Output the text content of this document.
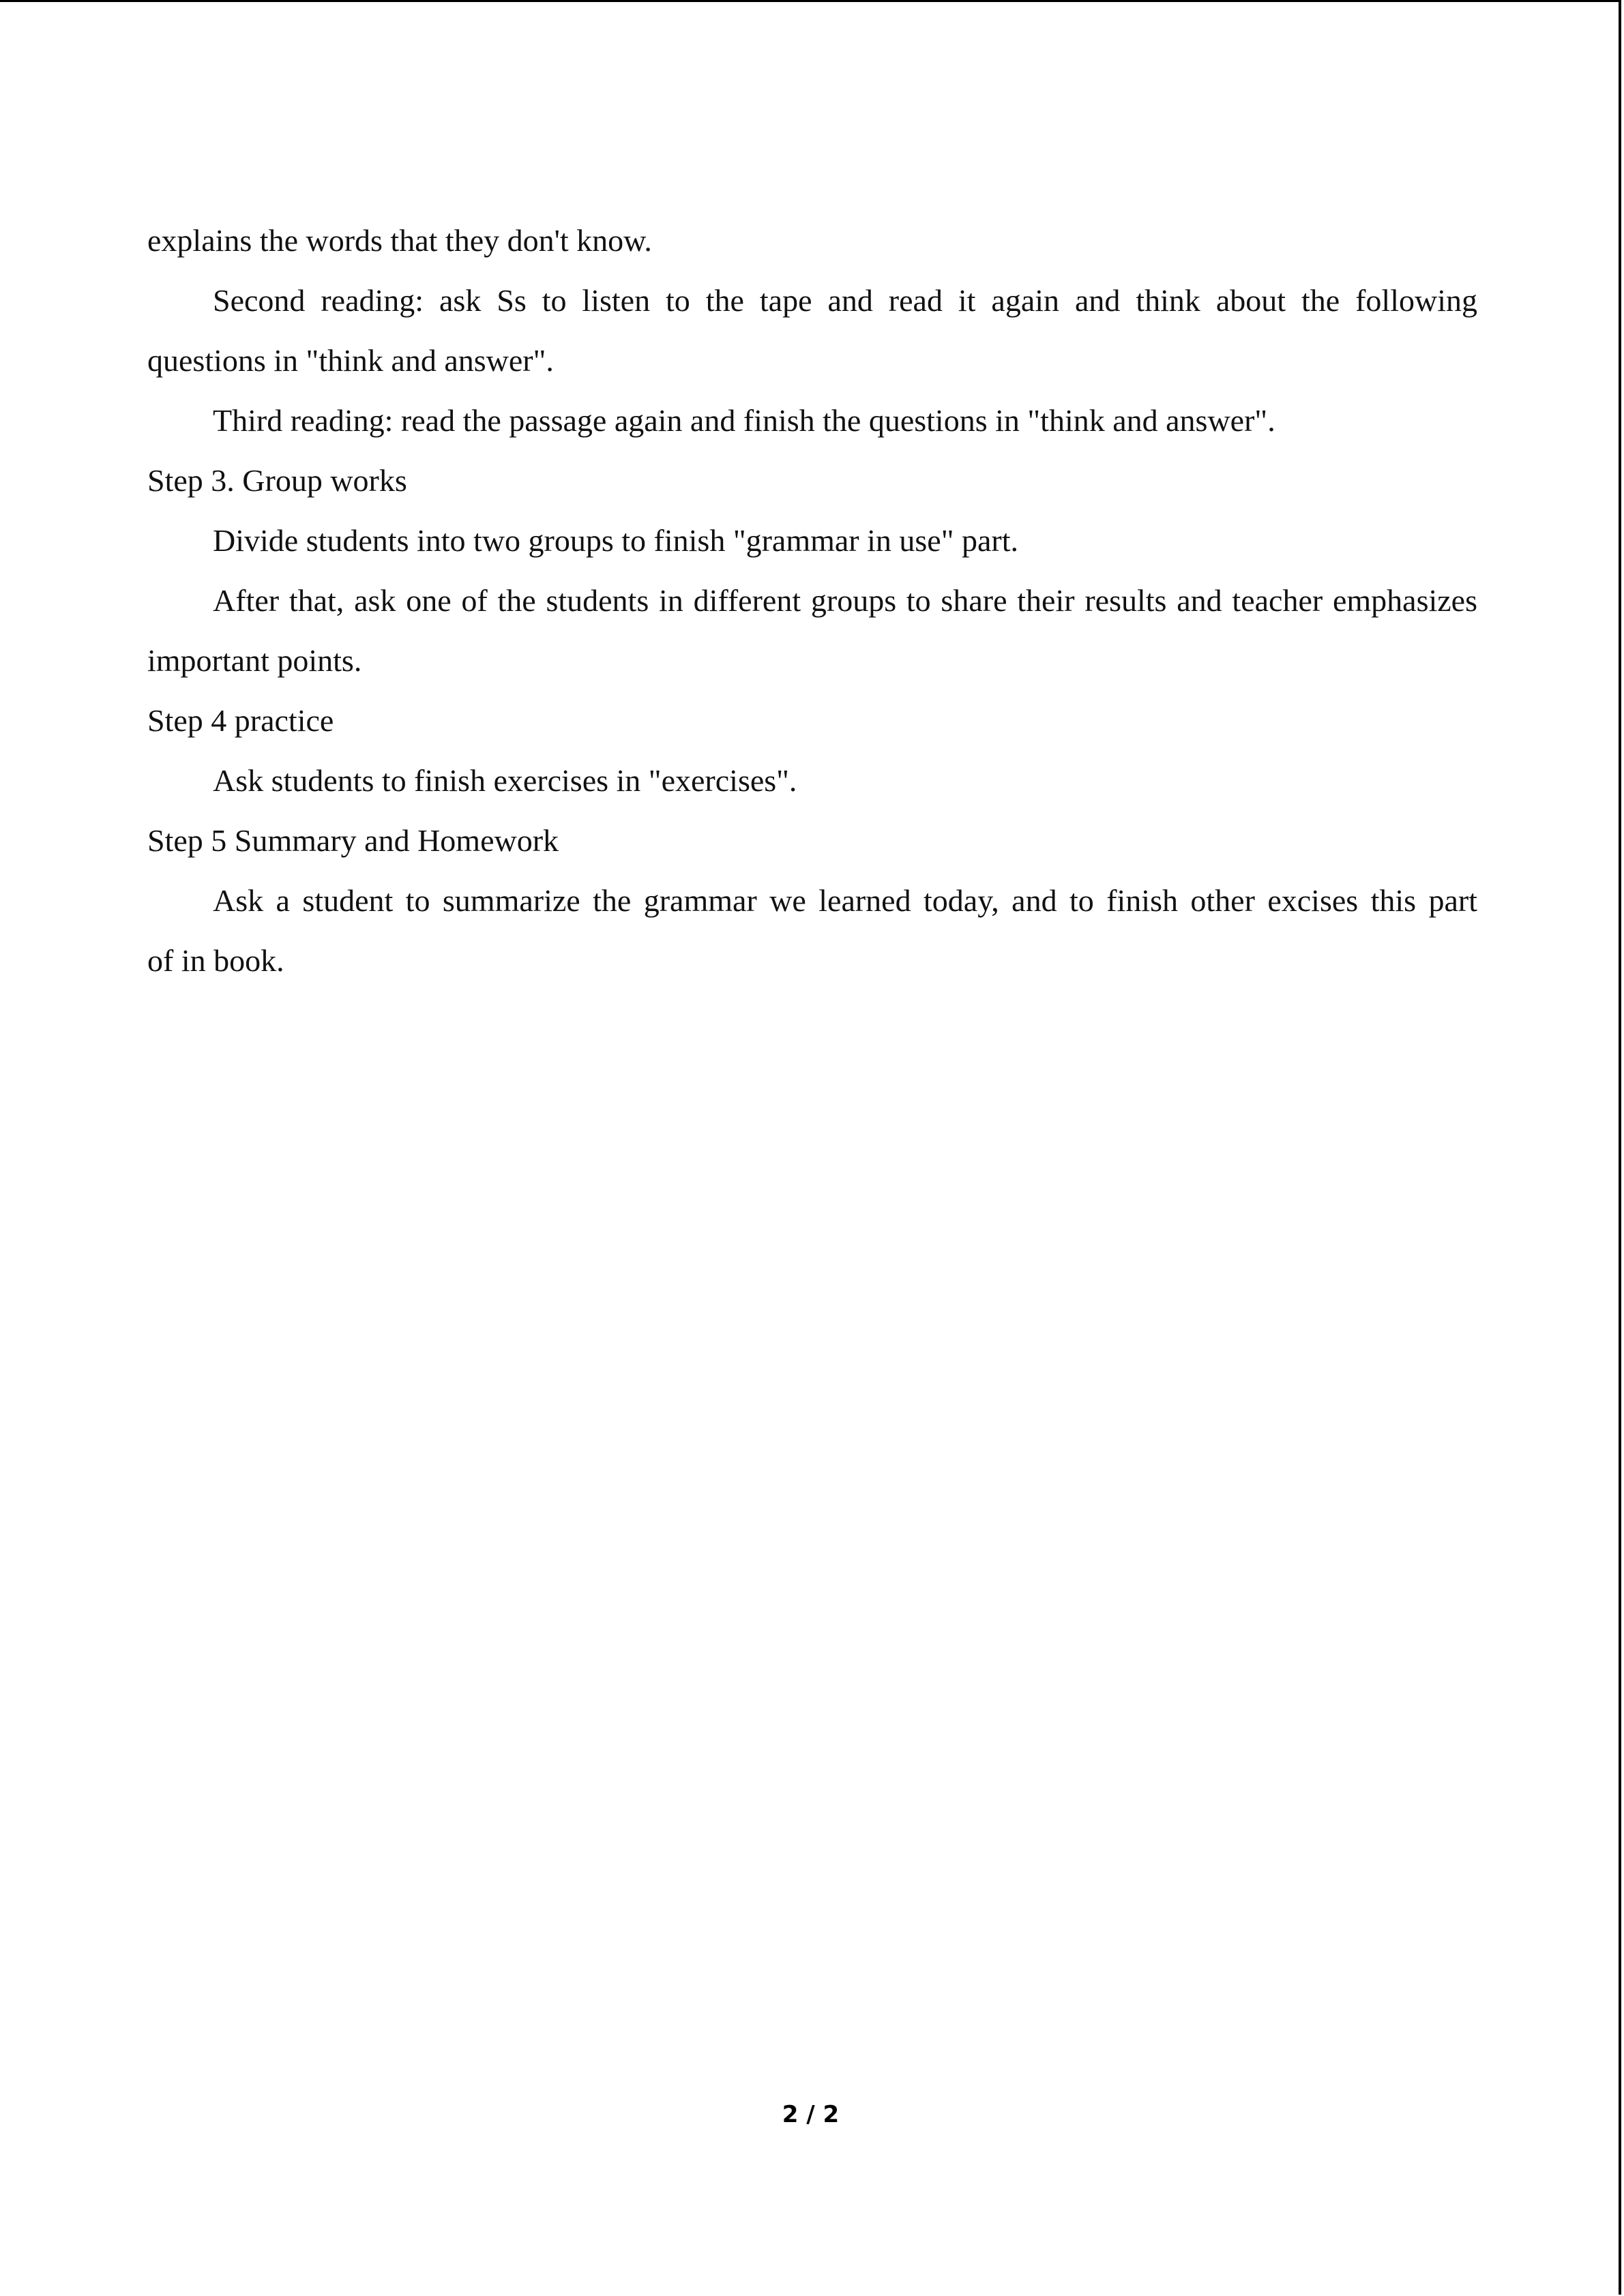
explains the words that they don't know.
Second reading: ask Ss to listen to the tape and read it again and think about the following
questions in "think and answer".
Third reading: read the passage again and finish the questions in "think and answer".
Step 3. Group works
Divide students into two groups to finish "grammar in use" part.
After that, ask one of the students in different groups to share their results and teacher emphasizes
important points.
Step 4 practice
Ask students to finish exercises in "exercises".
Step 5 Summary and Homework
Ask a student to summarize the grammar we learned today, and to finish other excises this part
of in book.
2 / 2
